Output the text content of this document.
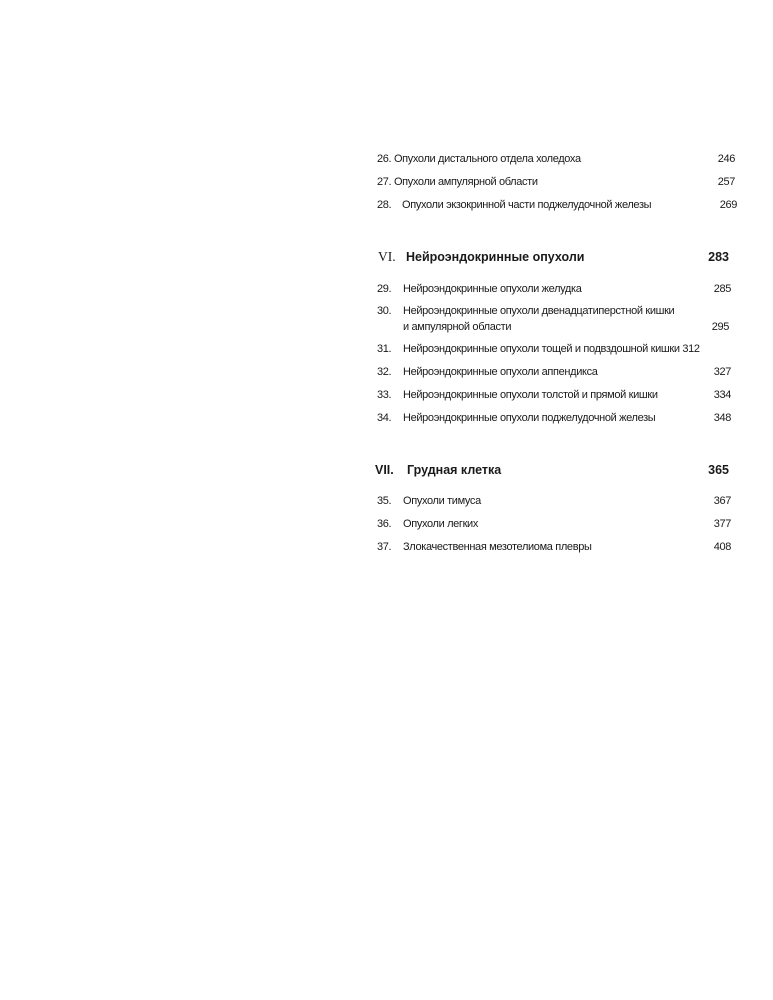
26. Опухоли дистального отдела холедоха	246
27. Опухоли ампулярной области	257
28. Опухоли экзокринной части поджелудочной железы	269
VI. Нейроэндокринные опухоли	283
29. Нейроэндокринные опухоли желудка	285
30. Нейроэндокринные опухоли двенадцатиперстной кишки
и ампулярной области	295
31. Нейроэндокринные опухоли тощей и подвздошной кишки 312
32. Нейроэндокринные опухоли аппендикса	327
33. Нейроэндокринные опухоли толстой и прямой кишки	334
34. Нейроэндокринные опухоли поджелудочной железы	348
VII. Грудная клетка	365
35. Опухоли тимуса	367
36. Опухоли легких	377
37. Злокачественная мезотелиома плевры	408
